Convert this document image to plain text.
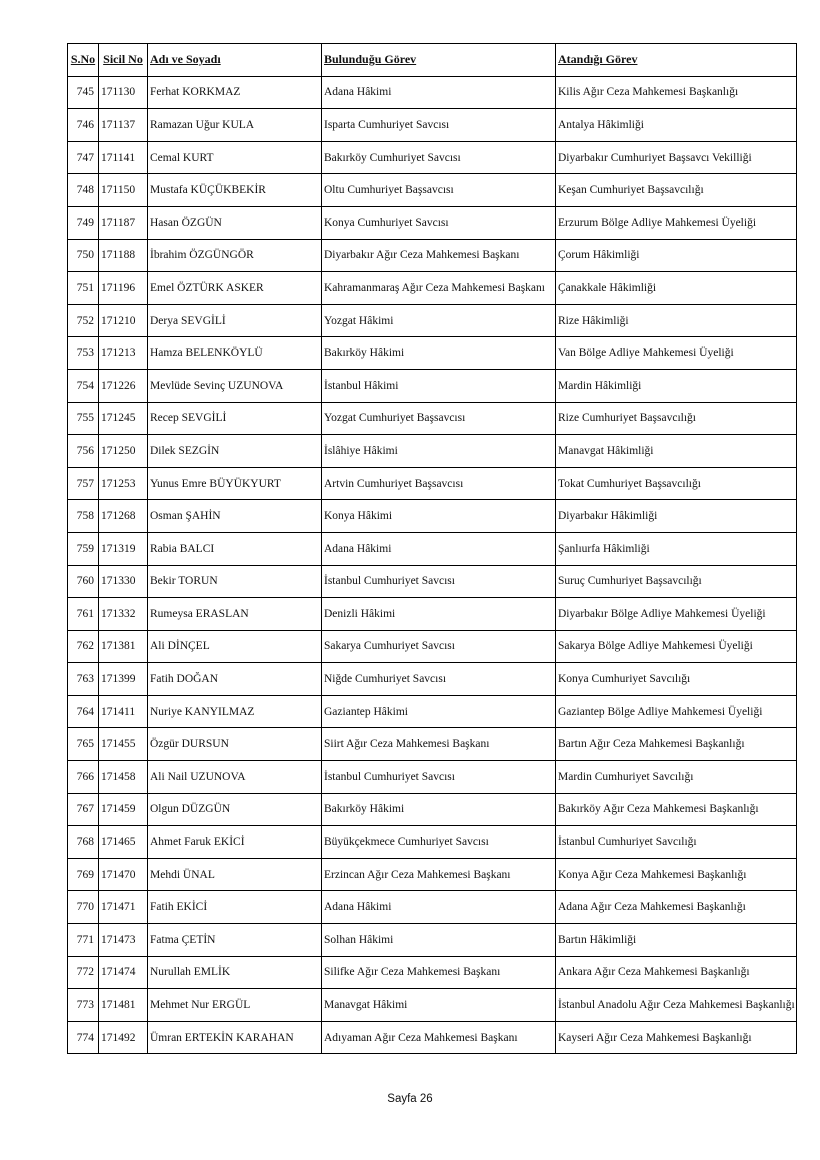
S.No	Sicil No	Adı ve Soyadı	Bulunduğu Görev	Atandığı Görev
745	171130	Ferhat KORKMAZ	Adana Hâkimi	Kilis Ağır Ceza Mahkemesi Başkanlığı
746	171137	Ramazan Uğur KULA	Isparta Cumhuriyet Savcısı	Antalya Hâkimliği
747	171141	Cemal KURT	Bakırköy Cumhuriyet Savcısı	Diyarbakır Cumhuriyet Başsavcı Vekilliği
748	171150	Mustafa KÜÇÜKBEKİR	Oltu Cumhuriyet Başsavcısı	Keşan Cumhuriyet Başsavcılığı
749	171187	Hasan ÖZGÜN	Konya Cumhuriyet Savcısı	Erzurum Bölge Adliye Mahkemesi Üyeliği
750	171188	İbrahim ÖZGÜNGÖR	Diyarbakır Ağır Ceza Mahkemesi Başkanı	Çorum Hâkimliği
751	171196	Emel ÖZTÜRK ASKER	Kahramanmaraş Ağır Ceza Mahkemesi Başkanı	Çanakkale Hâkimliği
752	171210	Derya SEVGİLİ	Yozgat Hâkimi	Rize Hâkimliği
753	171213	Hamza BELENKÖYLÜ	Bakırköy Hâkimi	Van Bölge Adliye Mahkemesi Üyeliği
754	171226	Mevlüde Sevinç UZUNOVA	İstanbul Hâkimi	Mardin Hâkimliği
755	171245	Recep SEVGİLİ	Yozgat Cumhuriyet Başsavcısı	Rize Cumhuriyet Başsavcılığı
756	171250	Dilek SEZGİN	İslâhiye Hâkimi	Manavgat Hâkimliği
757	171253	Yunus Emre BÜYÜKYURT	Artvin Cumhuriyet Başsavcısı	Tokat Cumhuriyet Başsavcılığı
758	171268	Osman ŞAHİN	Konya Hâkimi	Diyarbakır Hâkimliği
759	171319	Rabia BALCI	Adana Hâkimi	Şanlıurfa Hâkimliği
760	171330	Bekir TORUN	İstanbul Cumhuriyet Savcısı	Suruç Cumhuriyet Başsavcılığı
761	171332	Rumeysa ERASLAN	Denizli Hâkimi	Diyarbakır Bölge Adliye Mahkemesi Üyeliği
762	171381	Ali DİNÇEL	Sakarya Cumhuriyet Savcısı	Sakarya Bölge Adliye Mahkemesi Üyeliği
763	171399	Fatih DOĞAN	Niğde Cumhuriyet Savcısı	Konya Cumhuriyet Savcılığı
764	171411	Nuriye KANYILMAZ	Gaziantep Hâkimi	Gaziantep Bölge Adliye Mahkemesi Üyeliği
765	171455	Özgür DURSUN	Siirt Ağır Ceza Mahkemesi Başkanı	Bartın Ağır Ceza Mahkemesi Başkanlığı
766	171458	Ali Nail UZUNOVA	İstanbul Cumhuriyet Savcısı	Mardin Cumhuriyet Savcılığı
767	171459	Olgun DÜZGÜN	Bakırköy Hâkimi	Bakırköy Ağır Ceza Mahkemesi Başkanlığı
768	171465	Ahmet Faruk EKİCİ	Büyükçekmece Cumhuriyet Savcısı	İstanbul Cumhuriyet Savcılığı
769	171470	Mehdi ÜNAL	Erzincan Ağır Ceza Mahkemesi Başkanı	Konya Ağır Ceza Mahkemesi Başkanlığı
770	171471	Fatih EKİCİ	Adana Hâkimi	Adana Ağır Ceza Mahkemesi Başkanlığı
771	171473	Fatma ÇETİN	Solhan Hâkimi	Bartın Hâkimliği
772	171474	Nurullah EMLİK	Silifke Ağır Ceza Mahkemesi Başkanı	Ankara Ağır Ceza Mahkemesi Başkanlığı
773	171481	Mehmet Nur ERGÜL	Manavgat Hâkimi	İstanbul Anadolu Ağır Ceza Mahkemesi Başkanlığı
774	171492	Ümran ERTEKİN KARAHAN	Adıyaman Ağır Ceza Mahkemesi Başkanı	Kayseri Ağır Ceza Mahkemesi Başkanlığı
Sayfa 26
